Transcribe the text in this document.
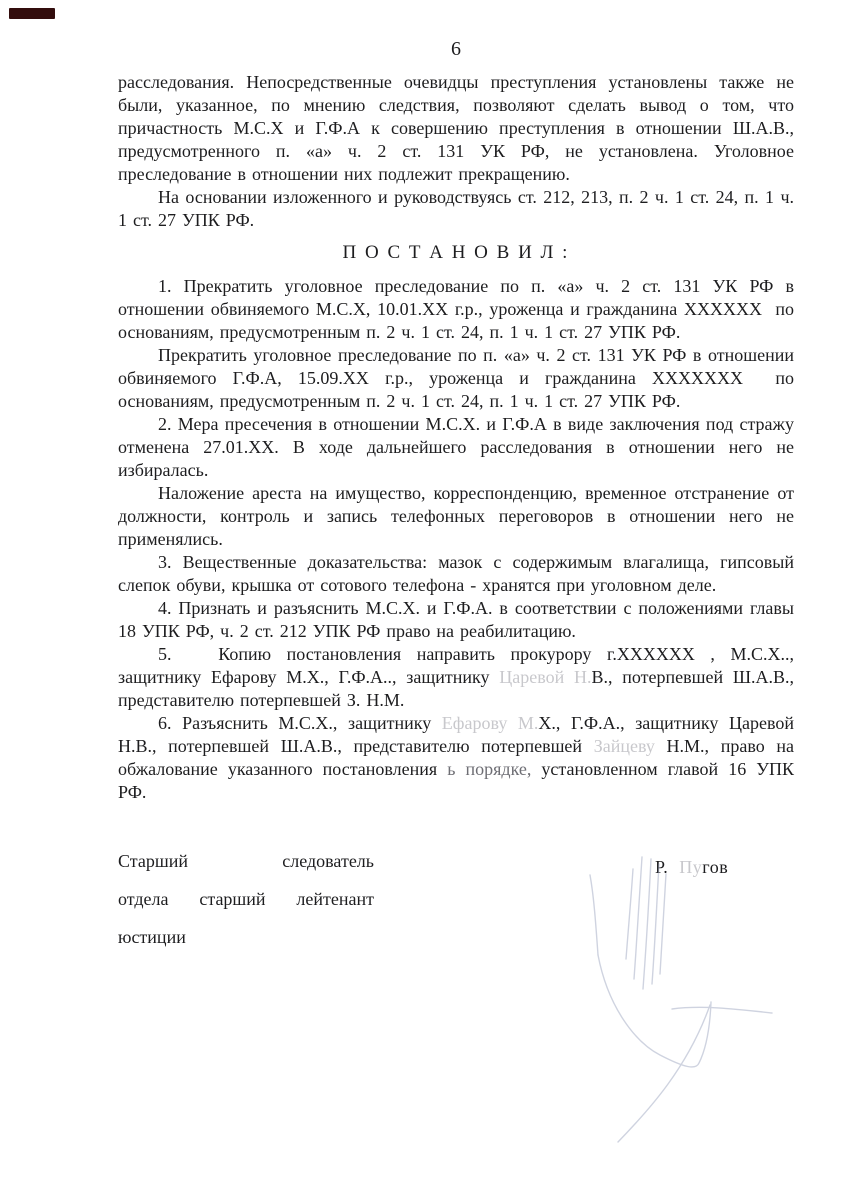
6
расследования. Непосредственные очевидцы преступления установлены также не были, указанное, по мнению следствия, позволяют сделать вывод о том, что причастность М.С.Х и Г.Ф.А к совершению преступления в отношении Ш.А.В., предусмотренного п. «а» ч. 2 ст. 131 УК РФ, не установлена. Уголовное преследование в отношении них подлежит прекращению.
На основании изложенного и руководствуясь ст. 212, 213, п. 2 ч. 1 ст. 24, п. 1 ч. 1 ст. 27 УПК РФ.
П О С Т А Н О В И Л :
1. Прекратить уголовное преследование по п. «а» ч. 2 ст. 131 УК РФ в отношении обвиняемого М.С.Х, 10.01.ХХ г.р., уроженца и гражданина ХХХХХХ  по основаниям, предусмотренным п. 2 ч. 1 ст. 24, п. 1 ч. 1 ст. 27 УПК РФ.
Прекратить уголовное преследование по п. «а» ч. 2 ст. 131 УК РФ в отношении обвиняемого Г.Ф.А, 15.09.ХХ г.р., уроженца и гражданина ХХХХХХХ  по основаниям, предусмотренным п. 2 ч. 1 ст. 24, п. 1 ч. 1 ст. 27 УПК РФ.
2. Мера пресечения в отношении М.С.Х. и Г.Ф.А в виде заключения под стражу отменена 27.01.ХХ. В ходе дальнейшего расследования в отношении него не избиралась.
Наложение ареста на имущество, корреспонденцию, временное отстранение от должности, контроль и запись телефонных переговоров в отношении него не применялись.
3. Вещественные доказательства: мазок с содержимым влагалища, гипсовый слепок обуви, крышка от сотового телефона - хранятся при уголовном деле.
4. Признать и разъяснить М.С.Х. и Г.Ф.А. в соответствии с положениями главы 18 УПК РФ, ч. 2 ст. 212 УПК РФ право на реабилитацию.
5.   Копию постановления направить прокурору г.ХХХХХХ , М.С.Х.., защитнику Ефарову М.Х., Г.Ф.А.., защитнику Царевой Н.В., потерпевшей Ш.А.В., представителю потерпевшей З. Н.М.
6. Разъяснить М.С.Х., защитнику Ефарову М.Х., Г.Ф.А., защитнику Царевой Н.В., потерпевшей Ш.А.В., представителю потерпевшей Зайцеву Н.М., право на обжалование указанного постановления ь порядке, установленном главой 16 УПК РФ.
Старший следователь
отдела старший лейтенант
юстиции
Р. Пугов
